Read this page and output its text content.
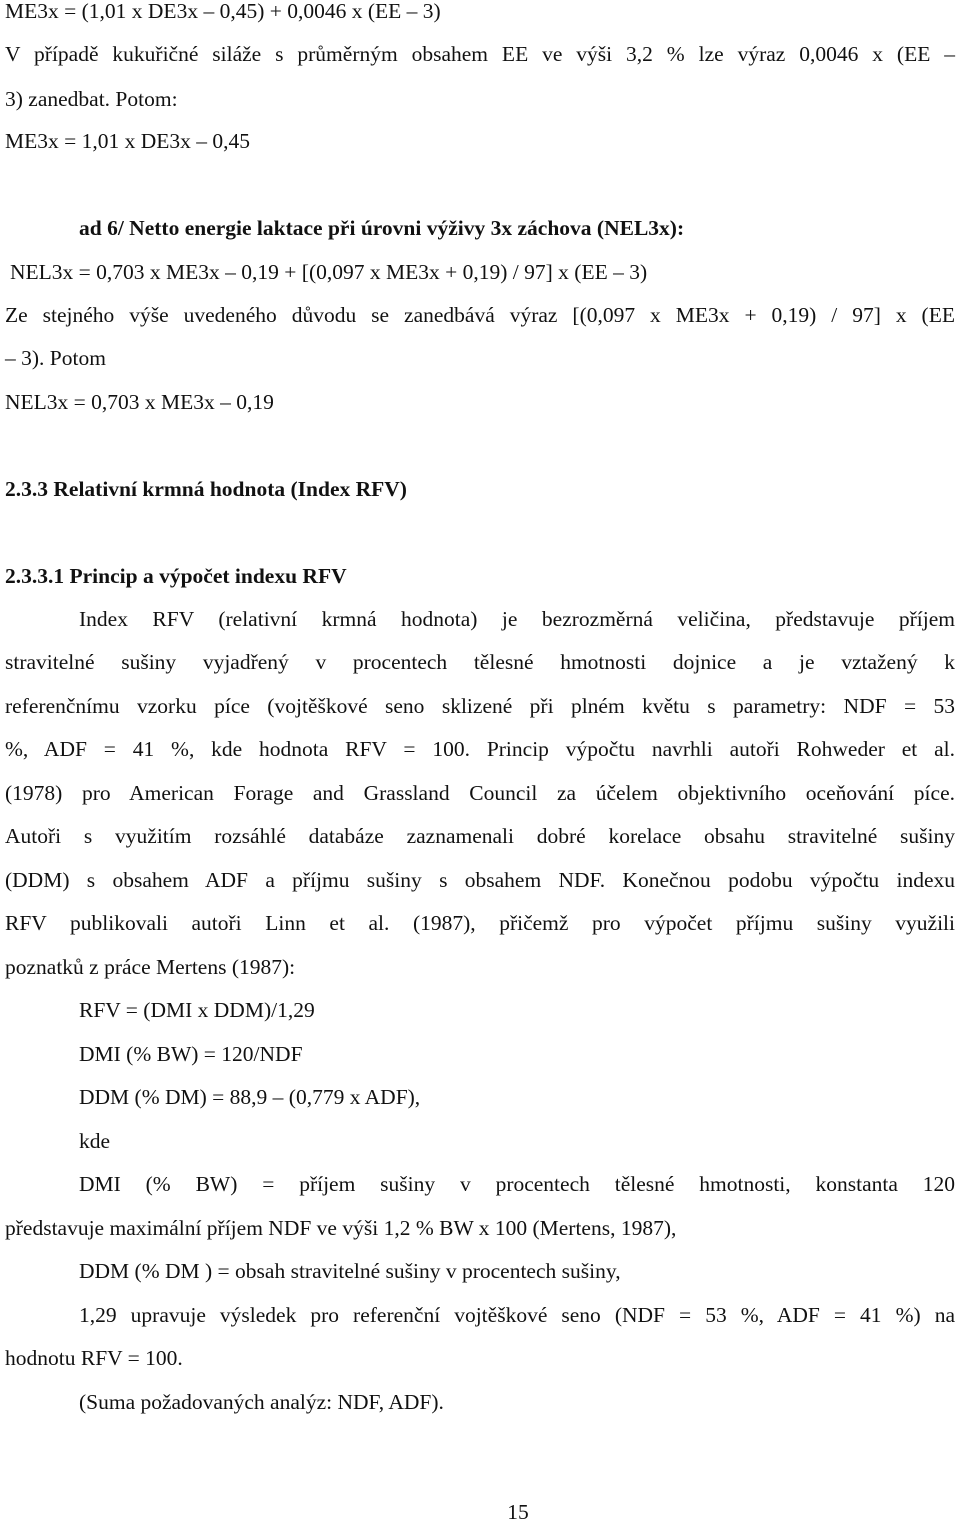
ME3x = (1,01 x DE3x – 0,45) + 0,0046 x (EE – 3)
V případě kukuřičné siláže s průměrným obsahem EE ve výši 3,2 % lze výraz 0,0046 x (EE –
3) zanedbat. Potom:
ME3x = 1,01 x DE3x – 0,45
ad 6/ Netto energie laktace při úrovni výživy 3x záchova (NEL3x):
NEL3x = 0,703 x ME3x – 0,19 + [(0,097 x ME3x + 0,19) / 97] x (EE – 3)
Ze stejného výše uvedeného důvodu se zanedbává výraz [(0,097 x ME3x + 0,19) / 97] x (EE
– 3). Potom
NEL3x = 0,703 x ME3x – 0,19
2.3.3 Relativní krmná hodnota (Index RFV)
2.3.3.1 Princip a výpočet indexu RFV
Index RFV (relativní krmná hodnota) je bezrozměrná veličina, představuje příjem
stravitelné sušiny vyjadřený v procentech tělesné hmotnosti dojnice a je vztažený k
referenčnímu vzorku píce (vojtěškové seno sklizené při plném květu s parametry: NDF = 53
%, ADF = 41 %, kde hodnota RFV = 100. Princip výpočtu navrhli autoři Rohweder et al.
(1978) pro American Forage and Grassland Council za účelem objektivního oceňování píce.
Autoři s využitím rozsáhlé databáze zaznamenali dobré korelace obsahu stravitelné sušiny
(DDM) s obsahem ADF a příjmu sušiny s obsahem NDF. Konečnou podobu výpočtu indexu
RFV publikovali autoři Linn et al. (1987), přičemž pro výpočet příjmu sušiny využili
poznatků z práce Mertens (1987):
RFV = (DMI x DDM)/1,29
DMI (% BW) = 120/NDF
DDM (% DM) = 88,9 – (0,779 x ADF),
kde
DMI (% BW) = příjem sušiny v procentech tělesné hmotnosti, konstanta 120
představuje maximální příjem NDF ve výši 1,2 % BW x 100 (Mertens, 1987),
DDM (% DM ) = obsah stravitelné sušiny v procentech sušiny,
1,29 upravuje výsledek pro referenční vojtěškové seno (NDF = 53 %, ADF = 41 %) na
hodnotu RFV = 100.
(Suma požadovaných analýz: NDF, ADF).
15
